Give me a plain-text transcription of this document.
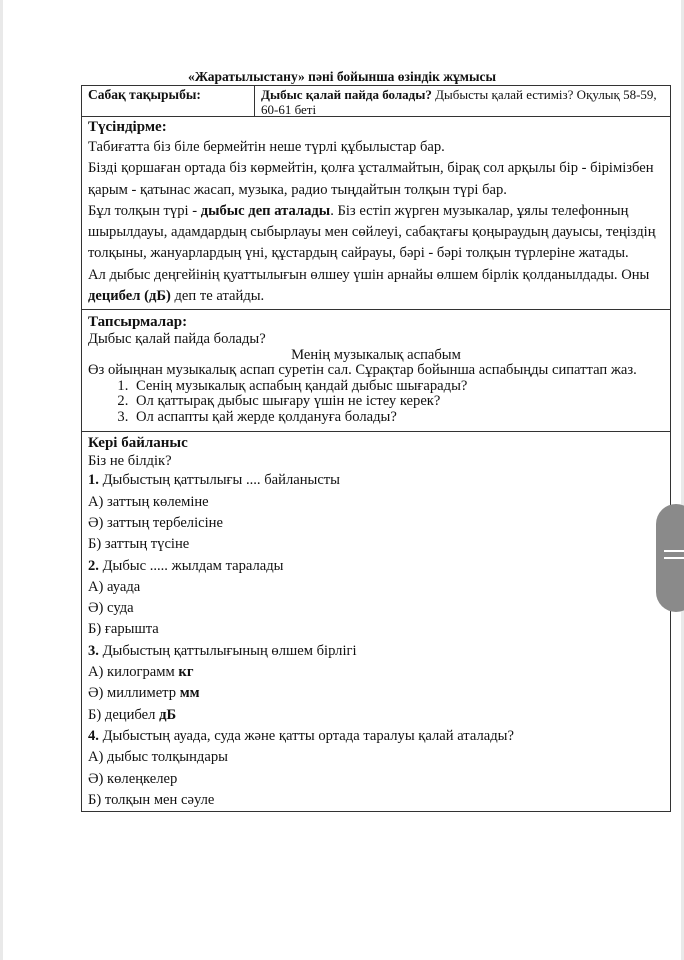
«Жаратылыстану» пәні бойынша өзіндік жұмысы
Сабақ тақырыбы:	Дыбыс қалай пайда болады? Дыбысты қалай естиміз? Оқулық 58-59, 60-61 беті
Түсіндірме:
Табиғатта біз біле бермейтін неше түрлі құбылыстар бар.
Бізді қоршаған ортада біз көрмейтін, қолға ұсталмайтын, бірақ сол арқылы бір - бірімізбен қарым - қатынас жасап, музыка, радио тыңдайтын толқын түрі бар.
Бұл толқын түрі - дыбыс деп аталады. Біз естіп жүрген музыкалар, ұялы телефонның шырылдауы, адамдардың сыбырлауы мен сөйлеуі, сабақтағы қоңыраудың дауысы, теңіздің толқыны, жануарлардың үні, құстардың сайрауы, бәрі - бәрі толқын түрлеріне жатады.
Ал дыбыс деңгейінің қуаттылығын өлшеу үшін арнайы өлшем бірлік қолданылдады. Оны децибел (дБ) деп те атайды.
Тапсырмалар:
Дыбыс қалай пайда болады?
Менің музыкалық аспабым
Өз ойыңнан музыкалық аспап суретін сал. Сұрақтар бойынша аспабыңды сипаттап жаз.
1. Сенің музыкалық аспабың қандай дыбыс шығарады?
2. Ол қаттырақ дыбыс шығару үшін не істеу керек?
3. Ол аспапты қай жерде қолдануға болады?
Кері байланыс
Біз не білдік?
1. Дыбыстың қаттылығы .... байланысты
А) заттың көлеміне
Ә) заттың тербелісіне
Б) заттың түсіне
2. Дыбыс ..... жылдам таралады
А) ауада
Ә) суда
Б) ғарышта
3. Дыбыстың қаттылығының өлшем бірлігі
А) килограмм кг
Ә) миллиметр мм
Б) децибел дБ
4. Дыбыстың ауада, суда және қатты ортада таралуы қалай аталады?
А) дыбыс толқындары
Ә) көлеңкелер
Б) толқын мен сәуле
